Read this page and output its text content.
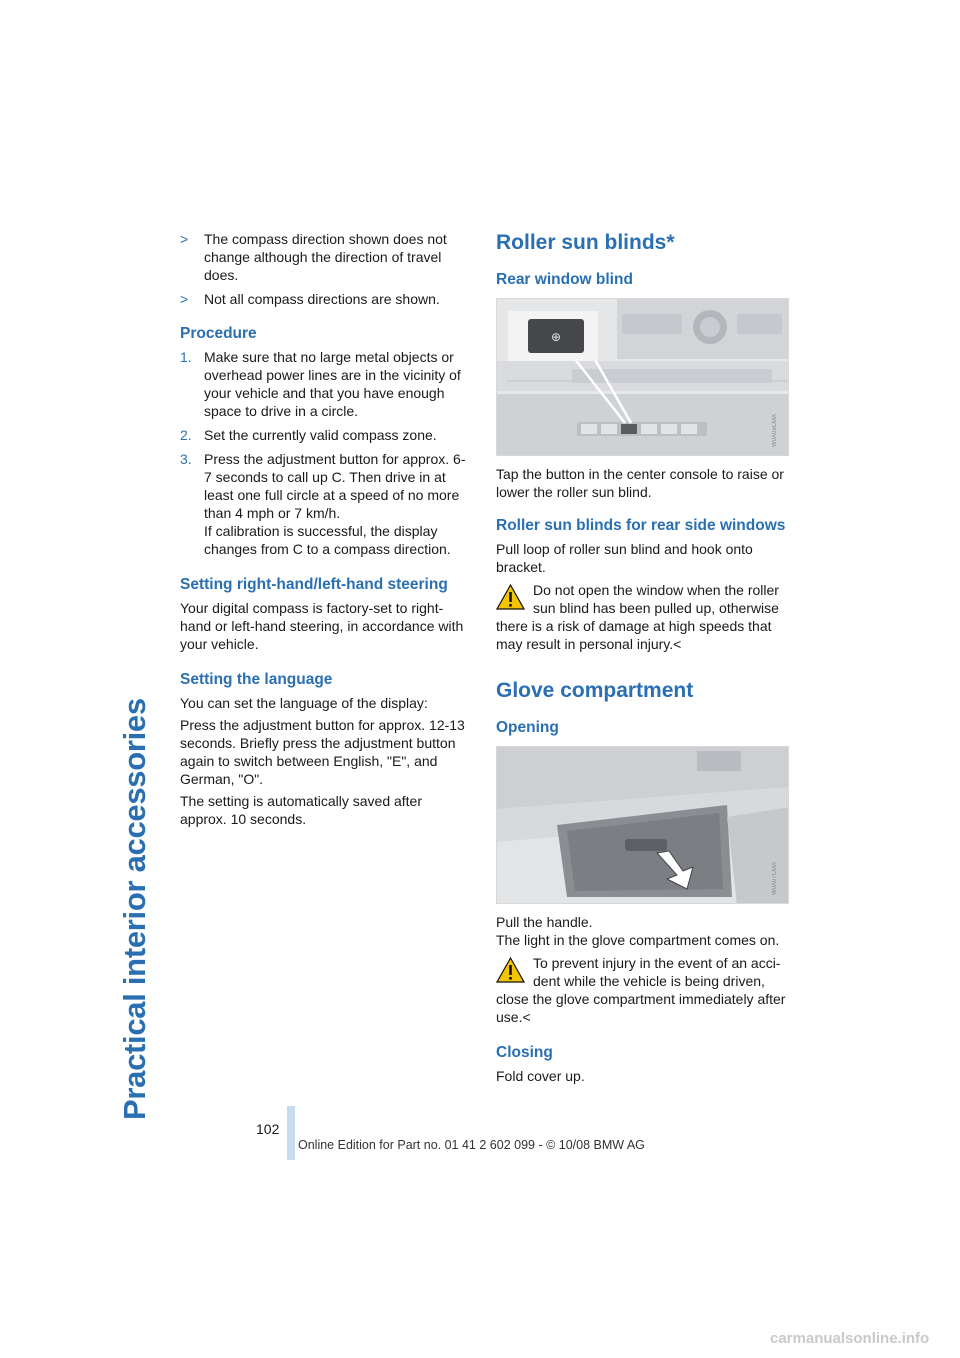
Practical interior accessories
> The compass direction shown does not change although the direction of travel does.
> Not all compass directions are shown.
Procedure
1. Make sure that no large metal objects or overhead power lines are in the vicinity of your vehicle and that you have enough space to drive in a circle.
2. Set the currently valid compass zone.
3. Press the adjustment button for approx. 6-7 seconds to call up C. Then drive in at least one full circle at a speed of no more than 4 mph or 7 km/h.
If calibration is successful, the display changes from C to a compass direction.
Setting right-hand/left-hand steering

Your digital compass is factory-set to right-hand or left-hand steering, in accordance with your vehicle.

Setting the language

You can set the language of the display:

Press the adjustment button for approx. 12-13 seconds. Briefly press the adjustment button again to switch between English, "E", and German, "O".

The setting is automatically saved after approx. 10 seconds.

Roller sun blinds*
Rear window blind
⊕
W0A05CMA

Tap the button in the center console to raise or lower the roller sun blind.

Roller sun blinds for rear side windows

Pull loop of roller sun blind and hook onto bracket.

Do not open the window when the roller sun blind has been pulled up, otherwise

there is a risk of damage at high speeds that may result in personal injury.<

Glove compartment
Opening
W0A07CMA

Pull the handle.
The light in the glove compartment comes on.

To prevent injury in the event of an acci-dent while the vehicle is being driven,

close the glove compartment immediately after use.<

Closing

Fold cover up.

102
Online Edition for Part no. 01 41 2 602 099 - © 10/08 BMW AG
carmanualsonline.info
